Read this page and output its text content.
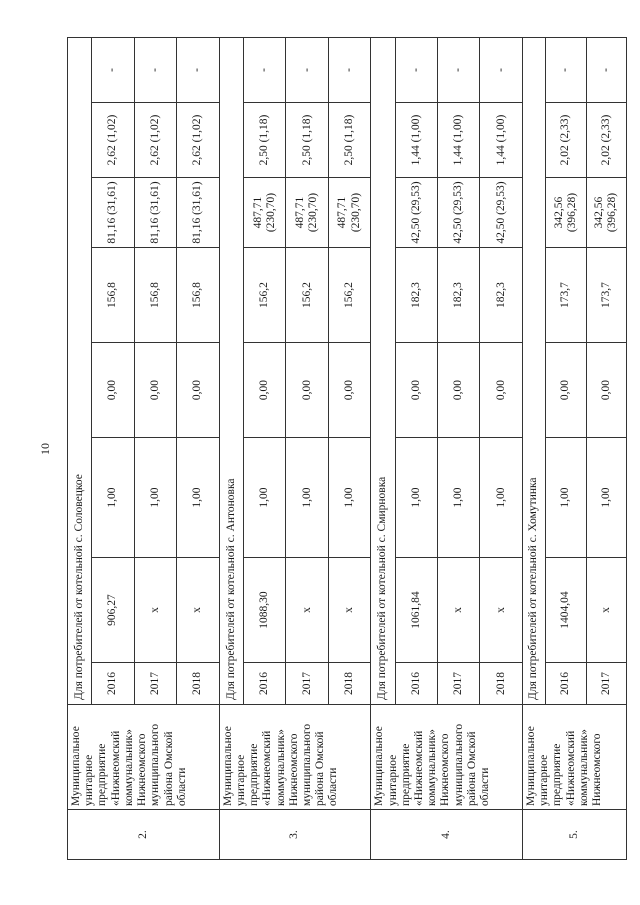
10
2.	Муниципальное унитарное предприятие «Нижнеомский коммунальник» Нижнеомского муниципального района Омской области	Для потребителей от котельной с. Соловецкое							
		2016	906,27	1,00	0,00	156,8	81,16 (31,61)	2,62 (1,02)	-
		2017	x	1,00	0,00	156,8	81,16 (31,61)	2,62 (1,02)	-
		2018	x	1,00	0,00	156,8	81,16 (31,61)	2,62 (1,02)	-
3.	Муниципальное унитарное предприятие «Нижнеомский коммунальник» Нижнеомского муниципального района Омской области	Для потребителей от котельной с. Антоновка							
		2016	1088,30	1,00	0,00	156,2	487,71 (230,70)	2,50 (1,18)	-
		2017	x	1,00	0,00	156,2	487,71 (230,70)	2,50 (1,18)	-
		2018	x	1,00	0,00	156,2	487,71 (230,70)	2,50 (1,18)	-
4.	Муниципальное унитарное предприятие «Нижнеомский коммунальник» Нижнеомского муниципального района Омской области	Для потребителей от котельной с. Смирновка							
		2016	1061,84	1,00	0,00	182,3	42,50 (29,53)	1,44 (1,00)	-
		2017	x	1,00	0,00	182,3	42,50 (29,53)	1,44 (1,00)	-
		2018	x	1,00	0,00	182,3	42,50 (29,53)	1,44 (1,00)	-
5.	Муниципальное унитарное предприятие «Нижнеомский коммунальник» Нижнеомского	Для потребителей от котельной с. Хомутинка							
		2016	1404,04	1,00	0,00	173,7	342,56 (396,28)	2,02 (2,33)	-
		2017	x	1,00	0,00	173,7	342,56 (396,28)	2,02 (2,33)	-
